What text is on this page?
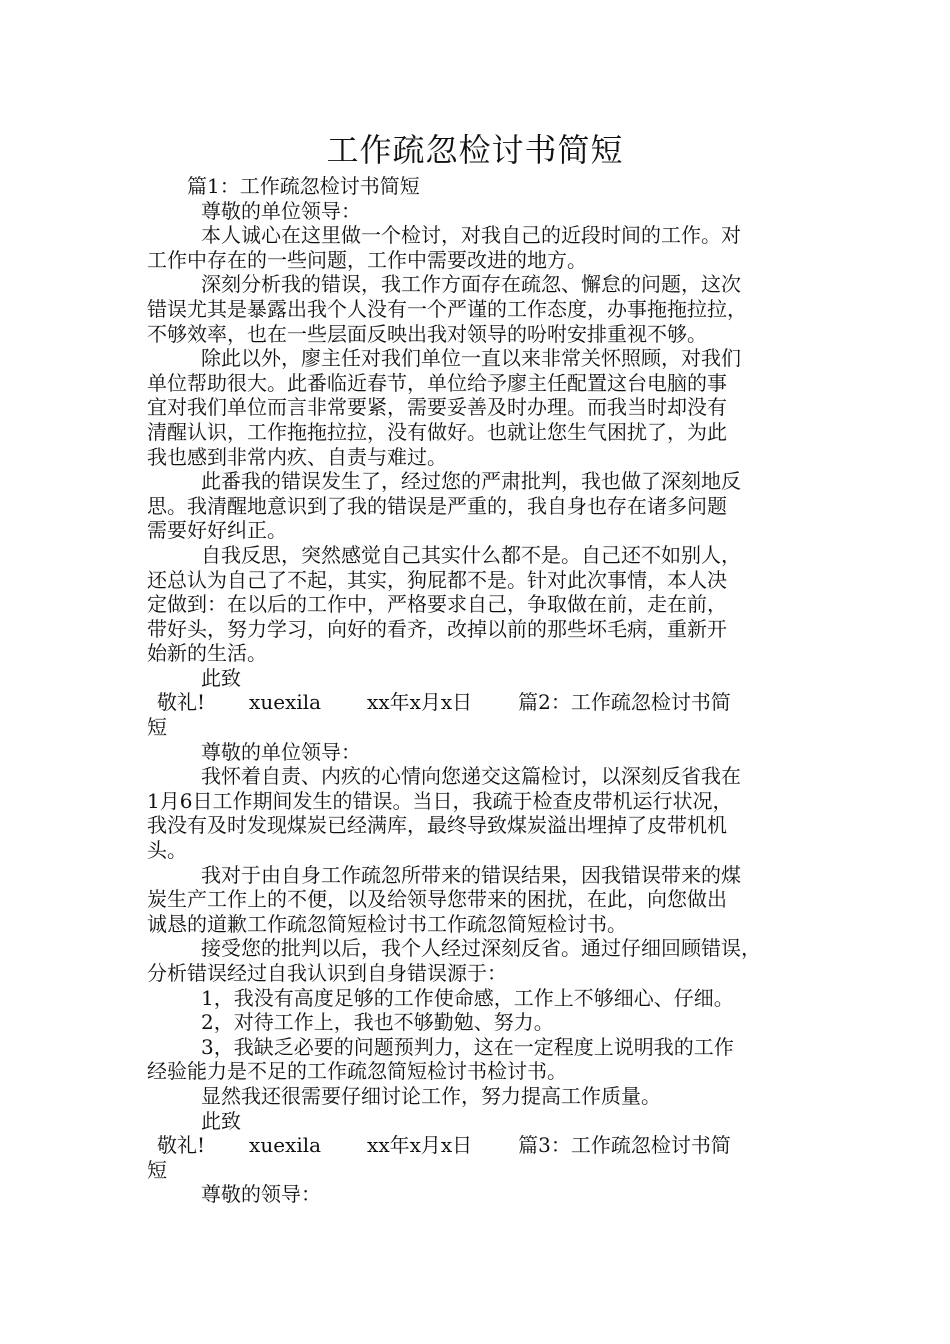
工作疏忽检讨书简短
篇1：工作疏忽检讨书简短
尊敬的单位领导：
本人诚心在这里做一个检讨，对我自己的近段时间的工作。对
工作中存在的一些问题，工作中需要改进的地方。
深刻分析我的错误，我工作方面存在疏忽、懈怠的问题，这次
错误尤其是暴露出我个人没有一个严谨的工作态度，办事拖拖拉拉，
不够效率，也在一些层面反映出我对领导的吩咐安排重视不够。
除此以外，廖主任对我们单位一直以来非常关怀照顾，对我们
单位帮助很大。此番临近春节，单位给予廖主任配置这台电脑的事
宜对我们单位而言非常要紧，需要妥善及时办理。而我当时却没有
清醒认识，工作拖拖拉拉，没有做好。也就让您生气困扰了，为此
我也感到非常内疚、自责与难过。
此番我的错误发生了，经过您的严肃批判，我也做了深刻地反
思。我清醒地意识到了我的错误是严重的，我自身也存在诸多问题
需要好好纠正。
自我反思，突然感觉自己其实什么都不是。自己还不如别人，
还总认为自己了不起，其实，狗屁都不是。针对此次事情，本人决
定做到：在以后的工作中，严格要求自己，争取做在前，走在前，
带好头，努力学习，向好的看齐，改掉以前的那些坏毛病，重新开
始新的生活。
此致
敬礼! xuexila xx年x月x日 篇2：工作疏忽检讨书简
短
尊敬的单位领导：
我怀着自责、内疚的心情向您递交这篇检讨，以深刻反省我在
1月6日工作期间发生的错误。当日，我疏于检查皮带机运行状况，
我没有及时发现煤炭已经满库，最终导致煤炭溢出埋掉了皮带机机
头。
我对于由自身工作疏忽所带来的错误结果，因我错误带来的煤
炭生产工作上的不便，以及给领导您带来的困扰，在此，向您做出
诚恳的道歉工作疏忽简短检讨书工作疏忽简短检讨书。
接受您的批判以后，我个人经过深刻反省。通过仔细回顾错误，
分析错误经过自我认识到自身错误源于：
1，我没有高度足够的工作使命感，工作上不够细心、仔细。
2，对待工作上，我也不够勤勉、努力。
3，我缺乏必要的问题预判力，这在一定程度上说明我的工作
经验能力是不足的工作疏忽简短检讨书检讨书。
显然我还很需要仔细讨论工作，努力提高工作质量。
此致
敬礼! xuexila xx年x月x日 篇3：工作疏忽检讨书简
短
尊敬的领导：
